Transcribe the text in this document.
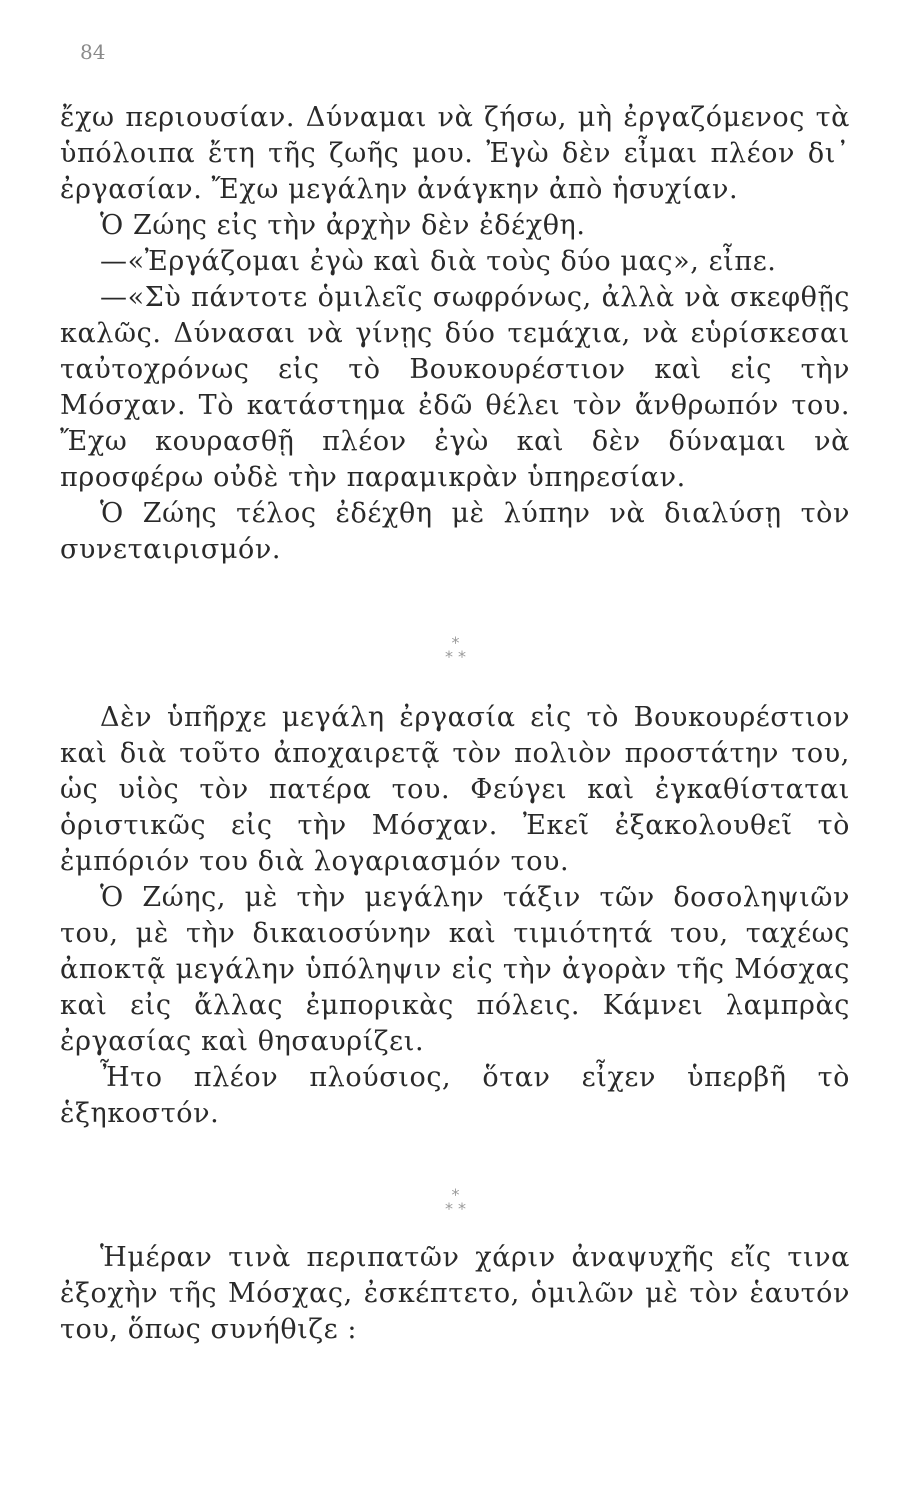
84

ἔχω περιουσίαν. Δύναμαι νὰ ζήσω, μὴ ἐργαζόμενος τὰ ὑπόλοιπα ἔτη τῆς ζωῆς μου. Ἐγὼ δὲν εἶμαι πλέον δι᾽ ἐργασίαν. Ἔχω μεγάλην ἀνάγκην ἀπὸ ἡσυχίαν.

Ὁ Ζώης εἰς τὴν ἀρχὴν δὲν ἐδέχθη.

—«Ἐργάζομαι ἐγὼ καὶ διὰ τοὺς δύο μας», εἶπε.

—«Σὺ πάντοτε ὁμιλεῖς σωφρόνως, ἀλλὰ νὰ σκεφθῇς καλῶς. Δύνασαι νὰ γίνῃς δύο τεμάχια, νὰ εὑρίσκεσαι ταὐτοχρόνως εἰς τὸ Βουκουρέστιον καὶ εἰς τὴν Μόσχαν. Τὸ κατάστημα ἐδῶ θέλει τὸν ἄνθρωπόν του. Ἔχω κουρασθῇ πλέον ἐγὼ καὶ δὲν δύναμαι νὰ προσφέρω οὐδὲ τὴν παραμικρὰν ὑπηρεσίαν.

Ὁ Ζώης τέλος ἐδέχθη μὲ λύπην νὰ διαλύσῃ τὸν συνεταιρισμόν.

*
* *

Δὲν ὑπῆρχε μεγάλη ἐργασία εἰς τὸ Βουκουρέστιον καὶ διὰ τοῦτο ἀποχαιρετᾷ τὸν πολιὸν προστάτην του, ὡς υἱὸς τὸν πατέρα του. Φεύγει καὶ ἐγκαθίσταται ὁριστικῶς εἰς τὴν Μόσχαν. Ἐκεῖ ἐξακολουθεῖ τὸ ἐμπόριόν του διὰ λογαριασμόν του.

Ὁ Ζώης, μὲ τὴν μεγάλην τάξιν τῶν δοσοληψιῶν του, μὲ τὴν δικαιοσύνην καὶ τιμιότητά του, ταχέως ἀποκτᾷ μεγάλην ὑπόληψιν εἰς τὴν ἀγορὰν τῆς Μόσχας καὶ εἰς ἄλλας ἐμπορικὰς πόλεις. Κάμνει λαμπρὰς ἐργασίας καὶ θησαυρίζει.

Ἦτο πλέον πλούσιος, ὅταν εἶχεν ὑπερβῆ τὸ ἑξηκοστόν.

*
* *

Ἡμέραν τινὰ περιπατῶν χάριν ἀναψυχῆς εἴς τινα ἐξοχὴν τῆς Μόσχας, ἐσκέπτετο, ὁμιλῶν μὲ τὸν ἑαυτόν του, ὅπως συνήθιζε :
